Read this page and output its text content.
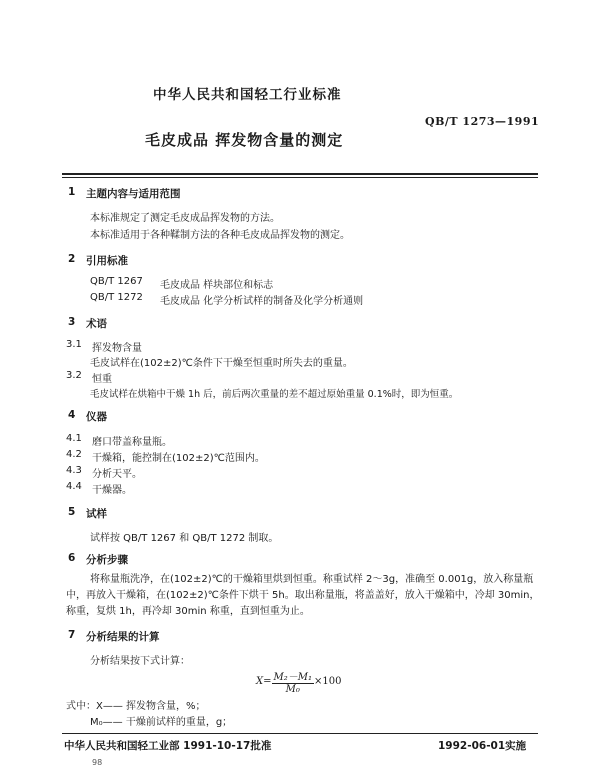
中华人民共和国轻工行业标准
QB/T 1273—1991
毛皮成品 挥发物含量的测定
1 主题内容与适用范围
本标准规定了测定毛皮成品挥发物的方法。
本标准适用于各种鞣制方法的各种毛皮成品挥发物的测定。
2 引用标准
QB/T 1267 毛皮成品 样块部位和标志
QB/T 1272 毛皮成品 化学分析试样的制备及化学分析通则
3 术语
3.1 挥发物含量
毛皮试样在(102±2)℃条件下干燥至恒重时所失去的重量。
3.2 恒重
毛皮试样在烘箱中干燥 1h 后，前后两次重量的差不超过原始重量 0.1%时，即为恒重。
4 仪器
4.1 磨口带盖称量瓶。
4.2 干燥箱，能控制在(102±2)℃范围内。
4.3 分析天平。
4.4 干燥器。
5 试样
试样按 QB/T 1267 和 QB/T 1272 制取。
6 分析步骤
将称量瓶洗净，在(102±2)℃的干燥箱里烘到恒重。称重试样 2～3g，准确至 0.001g，放入称量瓶中，再放入干燥箱，在(102±2)℃条件下烘干 5h。取出称量瓶，将盖盖好，放入干燥箱中，冷却 30min，称重，复烘 1h，再冷却 30min 称重，直到恒重为止。
7 分析结果的计算
分析结果按下式计算：
$X= \frac{\text{M₂－M₁}}{\text{M₀}} \times 100$
式中：X—— 挥发物含量，%；
M₀—— 干燥前试样的重量，g；
中华人民共和国轻工业部 1991-10-17批准	1992-06-01实施
98
